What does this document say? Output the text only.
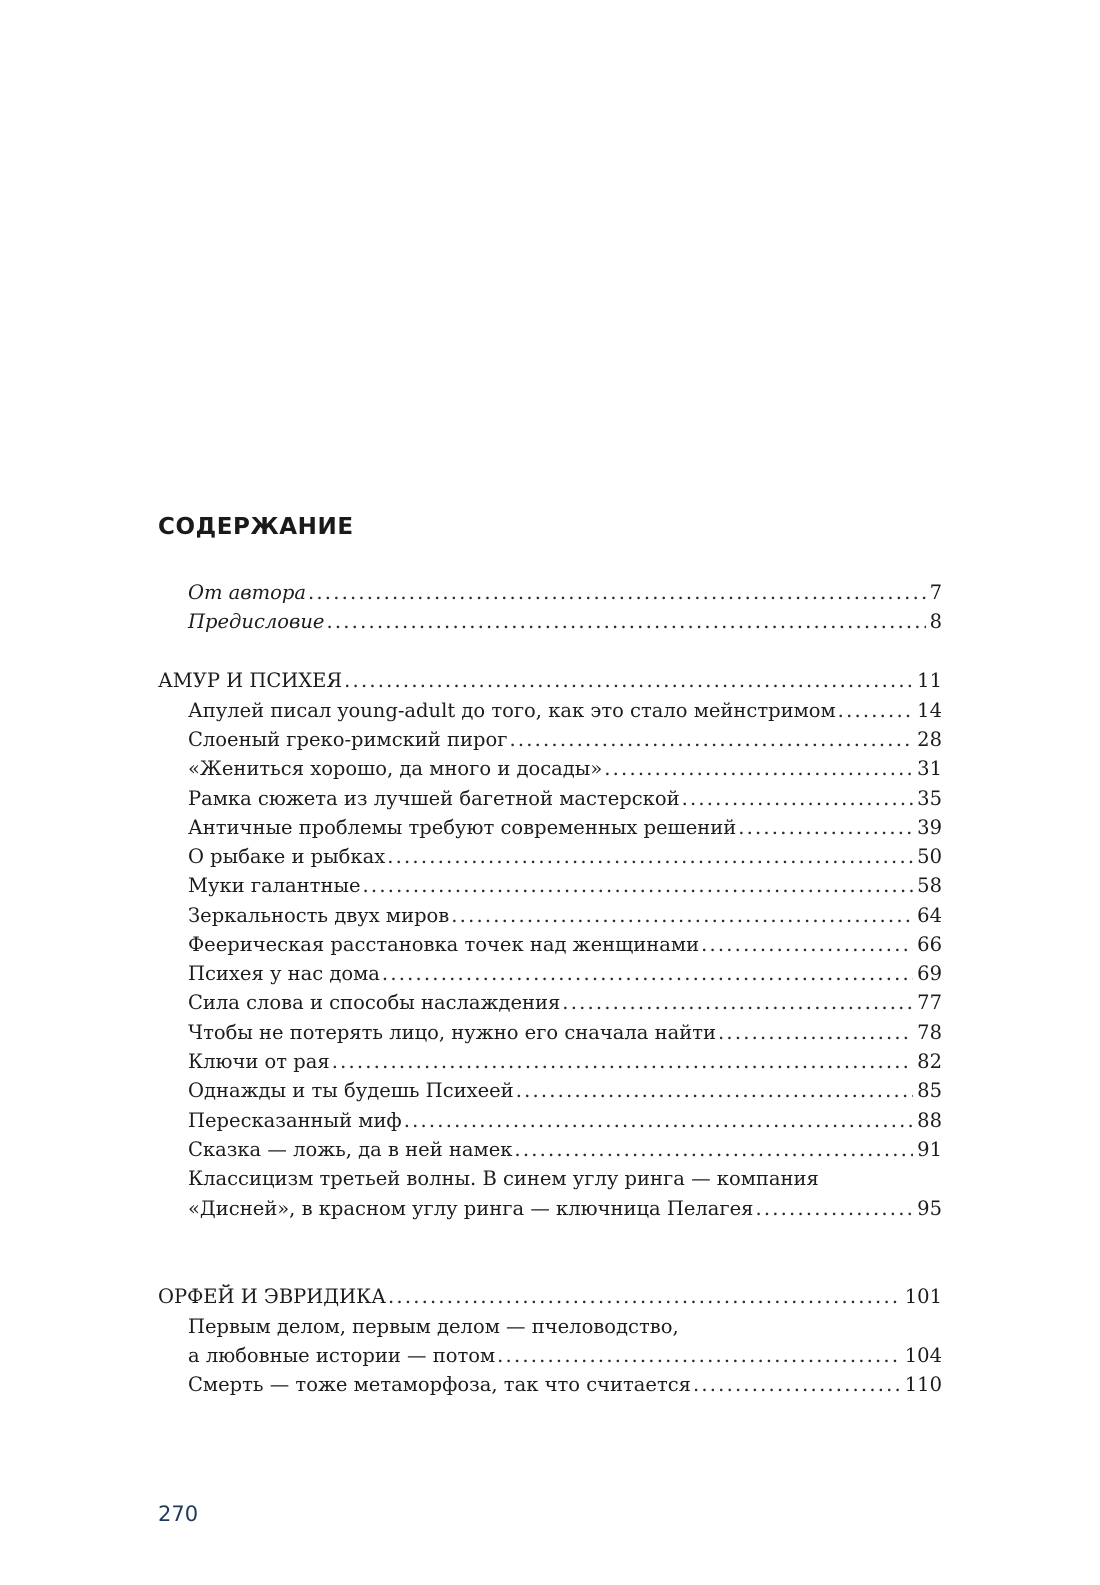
СОДЕРЖАНИЕ
От автора . . .	7
Предисловие . . .	8
АМУР И ПСИХЕЯ . . .	11
Апулей писал young-adult до того, как это стало мейнстримом . . .	14
Слоеный греко-римский пирог . . .	28
«Жениться хорошо, да много и досады» . . .	31
Рамка сюжета из лучшей багетной мастерской . . .	35
Античные проблемы требуют современных решений . . .	39
О рыбаке и рыбках . . .	50
Муки галантные . . .	58
Зеркальность двух миров . . .	64
Феерическая расстановка точек над женщинами . . .	66
Психея у нас дома . . .	69
Сила слова и способы наслаждения . . .	77
Чтобы не потерять лицо, нужно его сначала найти . . .	78
Ключи от рая . . .	82
Однажды и ты будешь Психеей . . .	85
Пересказанный миф . . .	88
Сказка — ложь, да в ней намек . . .	91
Классицизм третьей волны. В синем углу ринга — компания
«Дисней», в красном углу ринга — ключница Пелагея . . .	95
ОРФЕЙ И ЭВРИДИКА . . .	101
Первым делом, первым делом — пчеловодство,
а любовные истории — потом . . .	104
Смерть — тоже метаморфоза, так что считается . . .	110
270
